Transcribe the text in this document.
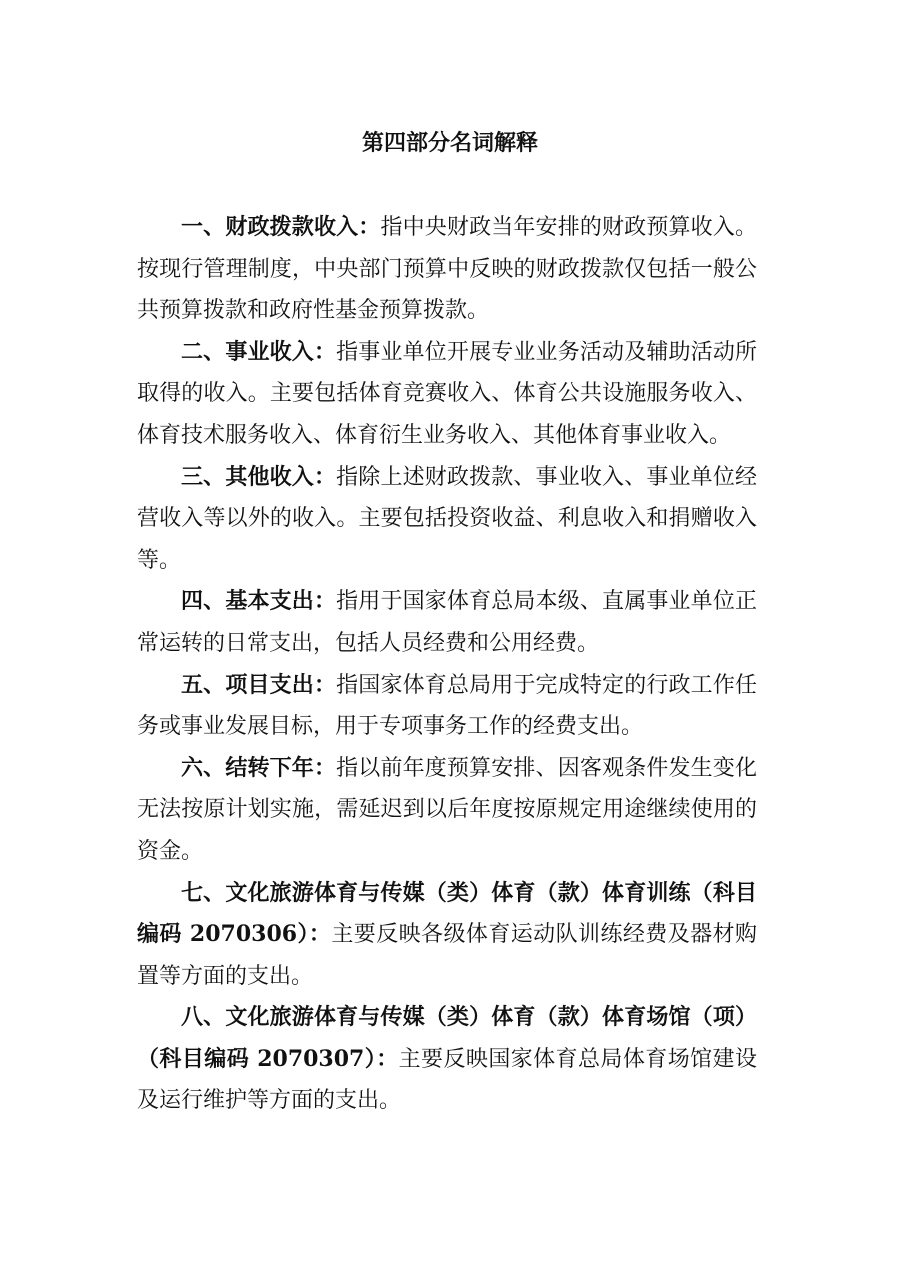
第四部分名词解释

一、财政拨款收入：指中央财政当年安排的财政预算收入。按现行管理制度，中央部门预算中反映的财政拨款仅包括一般公共预算拨款和政府性基金预算拨款。

二、事业收入：指事业单位开展专业业务活动及辅助活动所取得的收入。主要包括体育竞赛收入、体育公共设施服务收入、体育技术服务收入、体育衍生业务收入、其他体育事业收入。

三、其他收入：指除上述财政拨款、事业收入、事业单位经营收入等以外的收入。主要包括投资收益、利息收入和捐赠收入等。

四、基本支出：指用于国家体育总局本级、直属事业单位正常运转的日常支出，包括人员经费和公用经费。

五、项目支出：指国家体育总局用于完成特定的行政工作任务或事业发展目标，用于专项事务工作的经费支出。

六、结转下年：指以前年度预算安排、因客观条件发生变化无法按原计划实施，需延迟到以后年度按原规定用途继续使用的资金。

七、文化旅游体育与传媒（类）体育（款）体育训练（科目编码 2070306）：主要反映各级体育运动队训练经费及器材购置等方面的支出。

八、文化旅游体育与传媒（类）体育（款）体育场馆（项）（科目编码 2070307）：主要反映国家体育总局体育场馆建设及运行维护等方面的支出。
